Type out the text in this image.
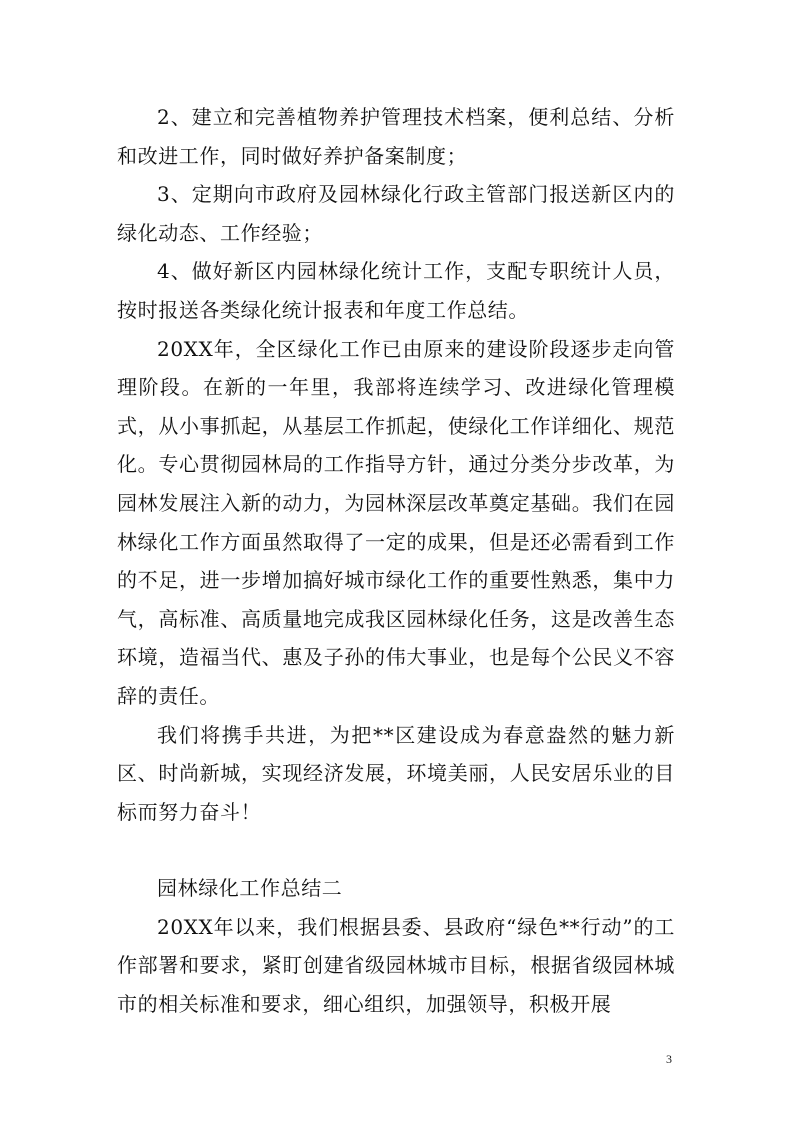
2、建立和完善植物养护管理技术档案，便利总结、分析和改进工作，同时做好养护备案制度；

3、定期向市政府及园林绿化行政主管部门报送新区内的绿化动态、工作经验；

4、做好新区内园林绿化统计工作，支配专职统计人员，按时报送各类绿化统计报表和年度工作总结。

20XX年，全区绿化工作已由原来的建设阶段逐步走向管理阶段。在新的一年里，我部将连续学习、改进绿化管理模式，从小事抓起，从基层工作抓起，使绿化工作详细化、规范化。专心贯彻园林局的工作指导方针，通过分类分步改革，为园林发展注入新的动力，为园林深层改革奠定基础。我们在园林绿化工作方面虽然取得了一定的成果，但是还必需看到工作的不足，进一步增加搞好城市绿化工作的重要性熟悉，集中力气，高标准、高质量地完成我区园林绿化任务，这是改善生态环境，造福当代、惠及子孙的伟大事业，也是每个公民义不容辞的责任。

我们将携手共进，为把**区建设成为春意盎然的魅力新区、时尚新城，实现经济发展，环境美丽，人民安居乐业的目标而努力奋斗！

园林绿化工作总结二

20XX年以来，我们根据县委、县政府“绿色**行动”的工作部署和要求，紧盯创建省级园林城市目标，根据省级园林城市的相关标准和要求，细心组织，加强领导，积极开展

3
